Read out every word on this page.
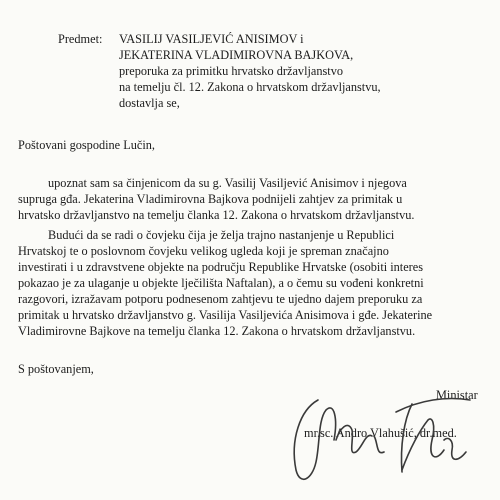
Predmet: VASILIJ VASILJEVIĆ ANISIMOV i
JEKATERINA VLADIMIROVNA BAJKOVA,
preporuka za primitku hrvatsko državljanstvo
na temelju čl. 12. Zakona o hrvatskom državljanstvu,
dostavlja se,
Poštovani gospodine Lučin,
upoznat sam sa činjenicom da su g. Vasilij Vasiljević Anisimov i njegova
supruga gđa. Jekaterina Vladimirovna Bajkova podnijeli zahtjev za primitak u
hrvatsko državljanstvo na temelju članka 12. Zakona o hrvatskom državljanstvu.
Budući da se radi o čovjeku čija je želja trajno nastanjenje u Republici
Hrvatskoj te o poslovnom čovjeku velikog ugleda koji je spreman značajno
investirati i u zdravstvene objekte na području Republike Hrvatske (osobiti interes
pokazao je za ulaganje u objekte lječilišta Naftalan), a o čemu su vođeni konkretni
razgovori, izražavam potporu podnesenom zahtjevu te ujedno dajem preporuku za
primitak u hrvatsko državljanstvo g. Vasilija Vasiljevića Anisimova i gđe. Jekaterine
Vladimirovne Bajkove na temelju članka 12. Zakona o hrvatskom državljanstvu.
S poštovanjem,
Ministar
mr.sc. Andro Vlahušić, dr.med.
